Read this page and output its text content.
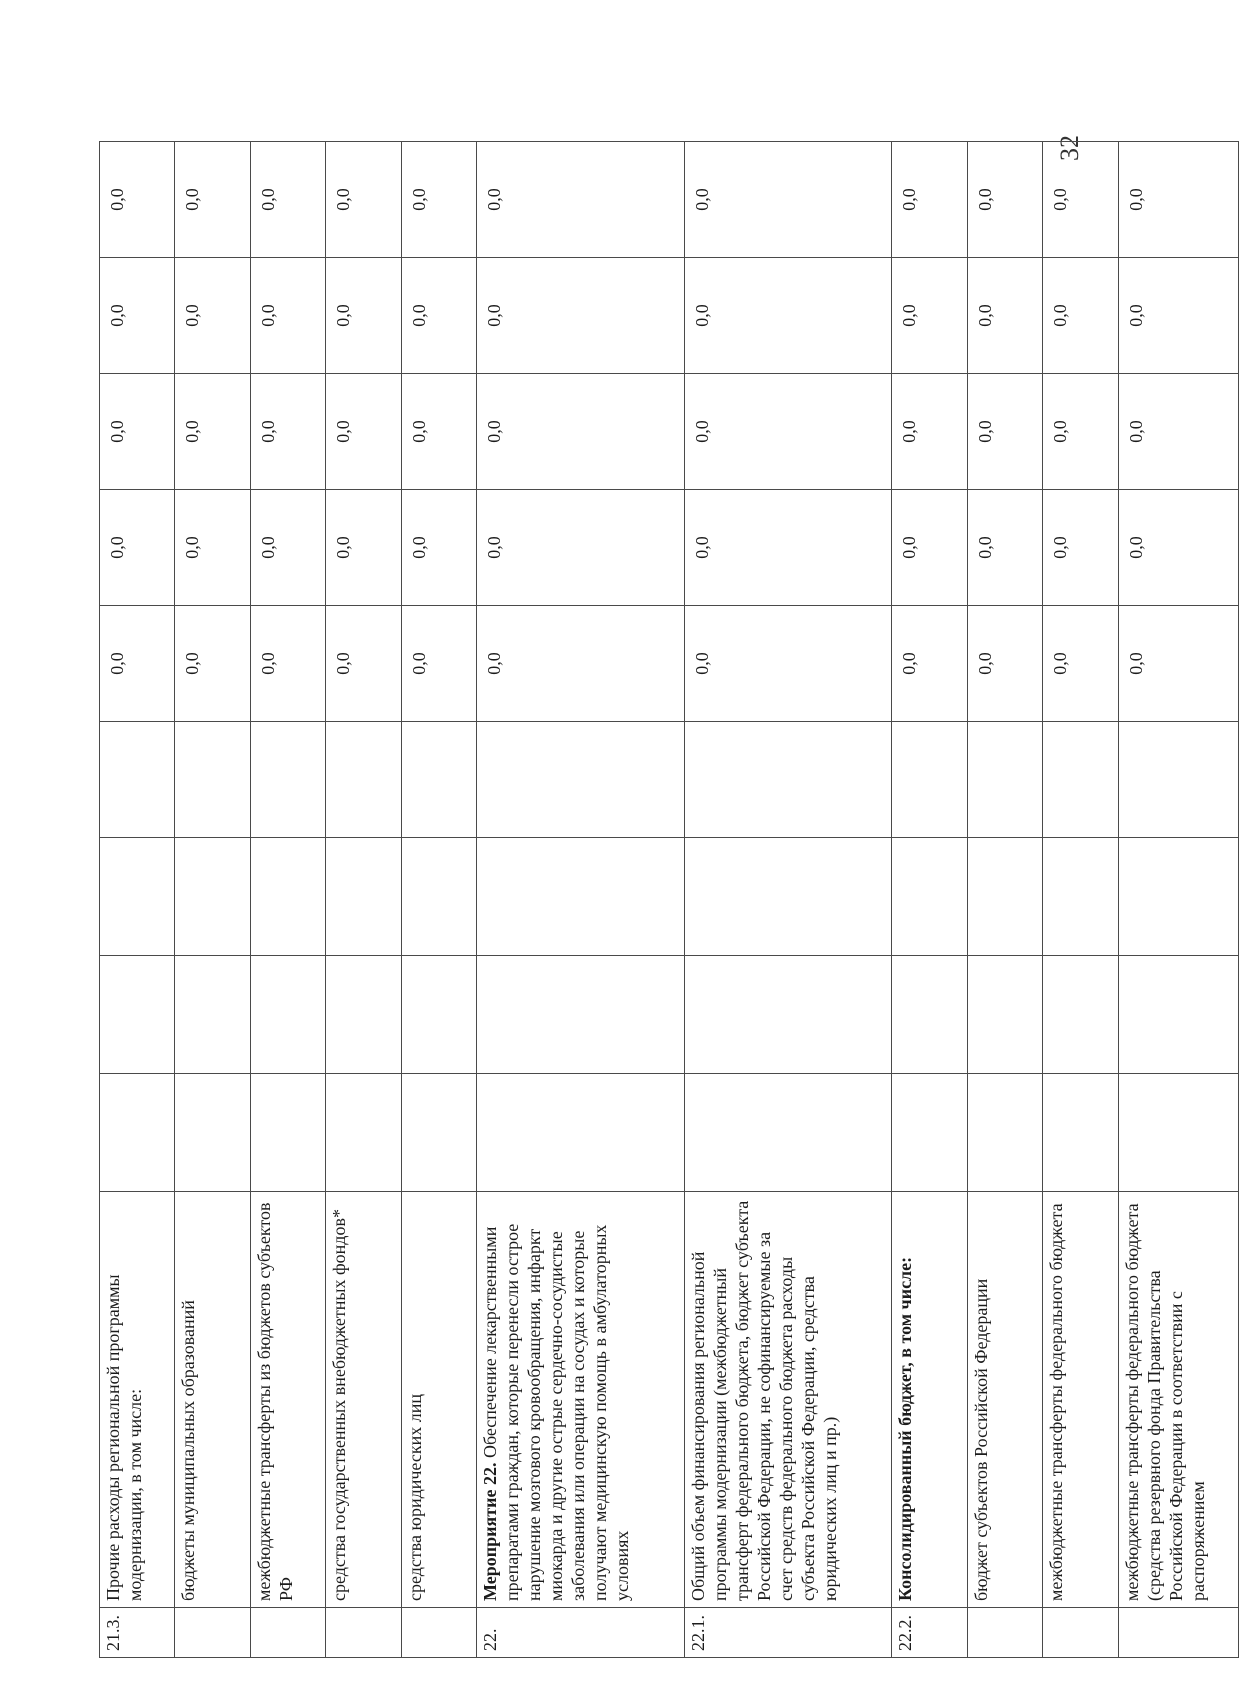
32
21.3.	Прочие расходы региональной программы модернизации, в том числе:					0,0	0,0	0,0	0,0	0,0
	бюджеты муниципальных образований					0,0	0,0	0,0	0,0	0,0
	межбюджетные трансферты из бюджетов субъектов РФ					0,0	0,0	0,0	0,0	0,0
	средства государственных внебюджетных фондов*					0,0	0,0	0,0	0,0	0,0
	средства юридических лиц					0,0	0,0	0,0	0,0	0,0
22.	Мероприятие 22. Обеспечение лекарственными препаратами граждан, которые перенесли острое нарушение мозгового кровообращения, инфаркт миокарда и другие острые сердечно-сосудистые заболевания или операции на сосудах и которые получают медицинскую помощь в амбулаторных условиях					0,0	0,0	0,0	0,0	0,0
22.1.	Общий объем финансирования региональной программы модернизации (межбюджетный трансферт федерального бюджета, бюджет субъекта Российской Федерации, не софинансируемые за счет средств федерального бюджета расходы субъекта Российской Федерации, средства юридических лиц и пр.)					0,0	0,0	0,0	0,0	0,0
22.2.	Консолидированный бюджет, в том числе:					0,0	0,0	0,0	0,0	0,0
	бюджет субъектов Российской Федерации					0,0	0,0	0,0	0,0	0,0
	межбюджетные трансферты федерального бюджета					0,0	0,0	0,0	0,0	0,0
	межбюджетные трансферты федерального бюджета (средства резервного фонда Правительства Российской Федерации в соответствии с распоряжением					0,0	0,0	0,0	0,0	0,0
